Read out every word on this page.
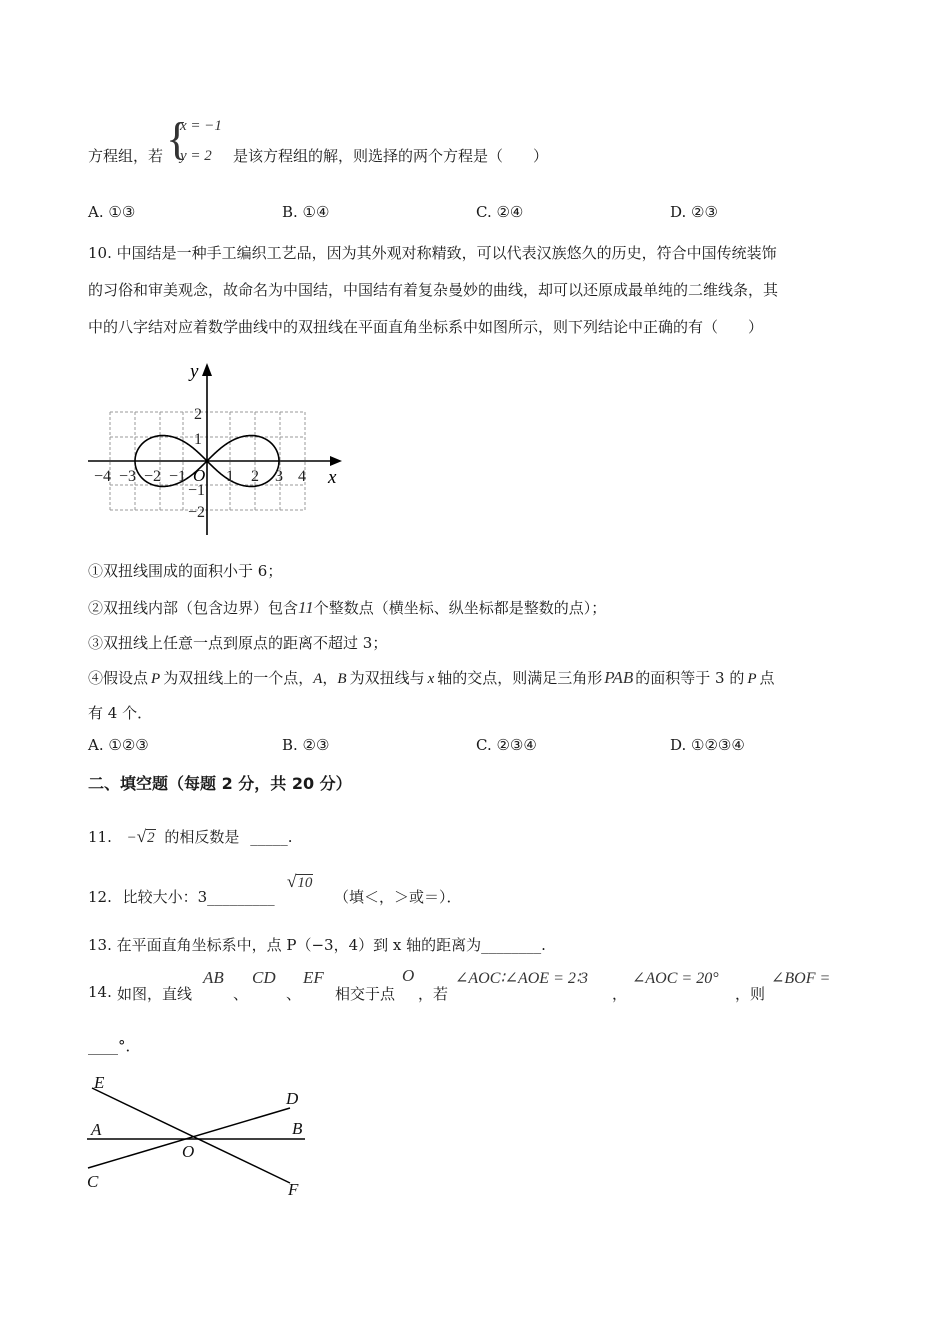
x = −1
y = 2
{
方程组，若	是该方程组的解，则选择的两个方程是（　　）
A. ①③	B. ①④	C. ②④	D. ②③
10. 中国结是一种手工编织工艺品，因为其外观对称精致，可以代表汉族悠久的历史，符合中国传统装饰
的习俗和审美观念，故命名为中国结，中国结有着复杂曼妙的曲线，却可以还原成最单纯的二维线条，其
中的八字结对应着数学曲线中的双扭线在平面直角坐标系中如图所示，则下列结论中正确的有（　　）
y
x
O
−4 −3 −2 −1 1 2 3 4
2
1
−1
−2
①双扭线围成的面积小于 6；
②双扭线内部（包含边界）包含11个整数点（横坐标、纵坐标都是整数的点）；
③双扭线上任意一点到原点的距离不超过 3；
④假设点 P 为双扭线上的一个点，A，B 为双扭线与 x 轴的交点，则满足三角形 PAB 的面积等于 3 的 P 点
有 4 个．
A. ①②③	B. ②③	C. ②③④	D. ①②③④
二、填空题（每题 2 分，共 20 分）
11. −√2 的相反数是 _____.
12. 比较大小：3_________
√10
（填＜，＞或＝）．
13. 在平面直角坐标系中，点 P（−3，4）到 x 轴的距离为________.
14. 如图，直线
AB
、
CD
、
EF
相交于点
O
，若
∠AOC∶∠AOE = 2∶3
，
∠AOC = 20°
，则
∠BOF =
____°．
E
D
A	B
O
C	F
